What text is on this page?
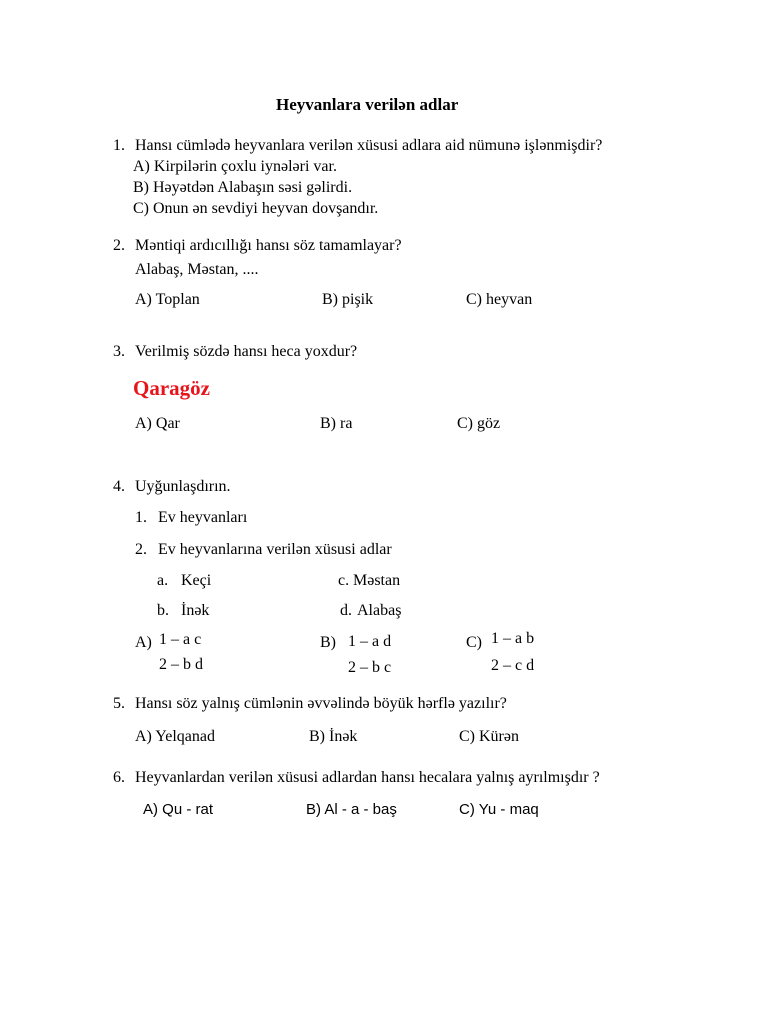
Heyvanlara verilən adlar
1. Hansı cümlədə heyvanlara verilən xüsusi adlara aid nümunə işlənmişdir?
A) Kirpilərin çoxlu iynələri var.
B) Həyətdən Alabaşın səsi gəlirdi.
C) Onun ən sevdiyi heyvan dovşandır.
2. Məntiqi ardıcıllığı hansı söz tamamlayar?
Alabaş, Məstan, ....
A) Toplan	B) pişik	C) heyvan
3. Verilmiş sözdə hansı heca yoxdur?
Qaragöz
A) Qar	B) ra	C) göz
4. Uyğunlaşdırın.
1. Ev heyvanları
2. Ev heyvanlarına verilən xüsusi adlar
a. Keçi
b. İnək
c. Məstan
d. Alabaş
A) 1 – a c
2 – b d
B) 1 – a d
2 – b c
C) 1 – a b
2 – c d
5. Hansı söz yalnış cümlənin əvvəlində böyük hərflə yazılır?
A) Yelqanad	B) İnək	C) Kürən
6. Heyvanlardan verilən xüsusi adlardan hansı hecalara yalnış ayrılmışdır ?
A) Qu - rat	B) Al - a - baş	C) Yu - maq
